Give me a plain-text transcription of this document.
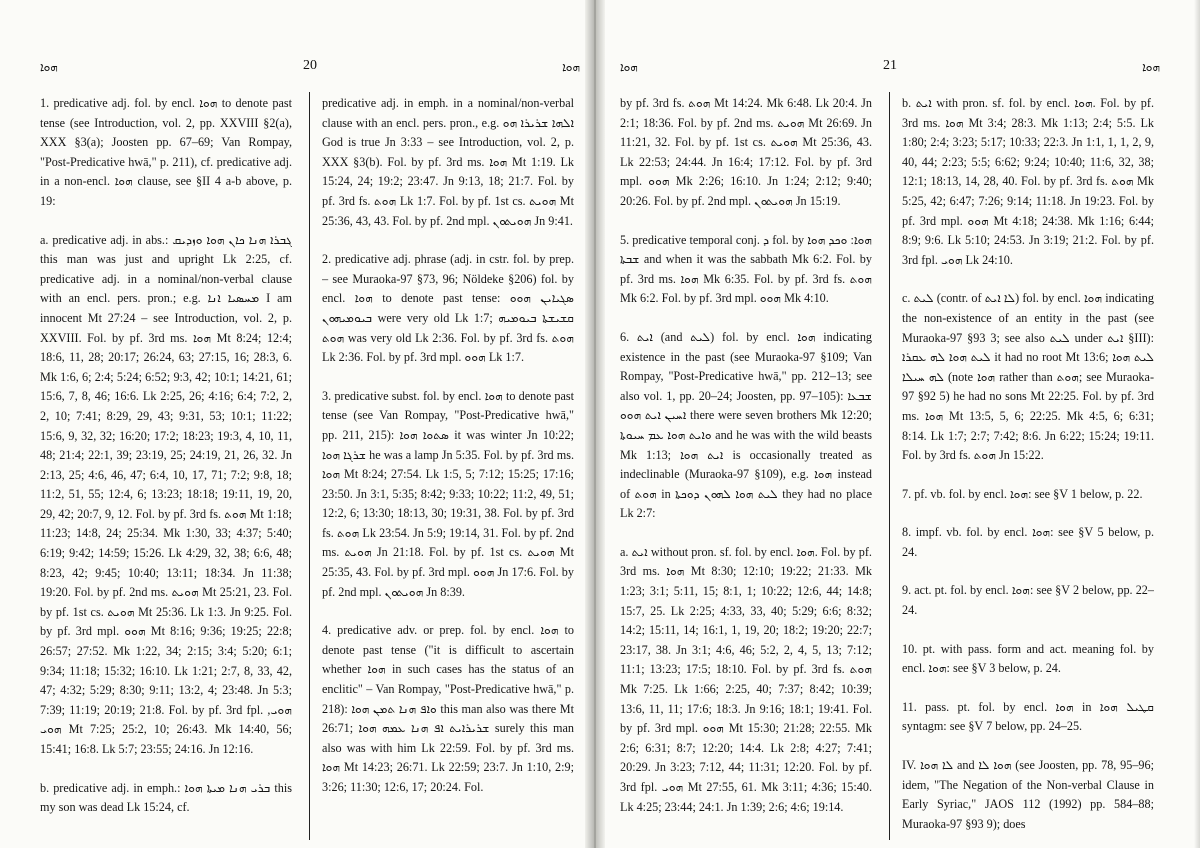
ܗܘܐ	20	ܗܘܐ

1. predicative adj. fol. by encl. ܗܘܐ to denote past tense (see Introduction, vol. 2, pp. XXVIII §2(a), XXX §3(a); Joosten pp. 67–69; Van Rompay, "Post-Predicative hwā," p. 211), cf. predicative adj. in a non-encl. ܗܘܐ clause, see §II 4 a-b above, p. 19:

a. predicative adj. in abs.: ܓܒܪܐ ܗܢܐ ܟܐܢ ܗܘܐ ܘܙܕܝܩ this man was just and upright Lk 2:25, cf. predicative adj. in a nominal/non-verbal clause with an encl. pers. pron.; e.g. ܡܚܣܝܐ ܐܢܐ I am innocent Mt 27:24 – see Introduction, vol. 2, p. XXVIII. Fol. by pf. 3rd ms. ܗܘܐ Mt 8:24; 12:4; 18:6, 11, 28; 20:17; 26:24, 63; 27:15, 16; 28:3, 6. Mk 1:6, 6; 2:4; 5:24; 6:52; 9:3, 42; 10:1; 14:21, 61; 15:6, 7, 8, 46; 16:6. Lk 2:25, 26; 4:16; 6:4; 7:2, 2, 2, 10; 7:41; 8:29, 29, 43; 9:31, 53; 10:1; 11:22; 15:6, 9, 32, 32; 16:20; 17:2; 18:23; 19:3, 4, 10, 11, 48; 21:4; 22:1, 39; 23:19, 25; 24:19, 21, 26, 32. Jn 2:13, 25; 4:6, 46, 47; 6:4, 10, 17, 71; 7:2; 9:8, 18; 11:2, 51, 55; 12:4, 6; 13:23; 18:18; 19:11, 19, 20, 29, 42; 20:7, 9, 12. Fol. by pf. 3rd fs. ܗܘܬ Mt 1:18; 11:23; 14:8, 24; 25:34. Mk 1:30, 33; 4:37; 5:40; 6:19; 9:42; 14:59; 15:26. Lk 4:29, 32, 38; 6:6, 48; 8:23, 42; 9:45; 10:40; 13:11; 18:34. Jn 11:38; 19:20. Fol. by pf. 2nd ms. ܗܘܝܬ Mt 25:21, 23. Fol. by pf. 1st cs. ܗܘܝܬ Mt 25:36. Lk 1:3. Jn 9:25. Fol. by pf. 3rd mpl. ܗܘܘ Mt 8:16; 9:36; 19:25; 22:8; 26:57; 27:52. Mk 1:22, 34; 2:15; 3:4; 5:20; 6:1; 9:34; 11:18; 15:32; 16:10. Lk 1:21; 2:7, 8, 33, 42, 47; 4:32; 5:29; 8:30; 9:11; 13:2, 4; 23:48. Jn 5:3; 7:39; 11:19; 20:19; 21:8. Fol. by pf. 3rd fpl. ܗܘܝ, ܗܘܝ Mt 7:25; 25:2, 10; 26:43. Mk 14:40, 56; 15:41; 16:8. Lk 5:7; 23:55; 24:16. Jn 12:16.

b. predicative adj. in emph.: ܒܪܝ ܗܢܐ ܡܝܬܐ ܗܘܐ this my son was dead Lk 15:24, cf.

predicative adj. in emph. in a nominal/non-verbal clause with an encl. pers. pron., e.g. ܐܠܗܐ ܫܪܝܪܐ ܗܘ God is true Jn 3:33 – see Introduction, vol. 2, p. XXX §3(b). Fol. by pf. 3rd ms. ܗܘܐ Mt 1:19. Lk 15:24, 24; 19:2; 23:47. Jn 9:13, 18; 21:7. Fol. by pf. 3rd fs. ܗܘܬ Lk 1:7. Fol. by pf. 1st cs. ܗܘܝܬ Mt 25:36, 43, 43. Fol. by pf. 2nd mpl. ܗܘܝܬܘܢ Jn 9:41.

2. predicative adj. phrase (adj. in cstr. fol. by prep. – see Muraoka-97 §73, 96; Nöldeke §206) fol. by encl. ܗܘܐ to denote past tense: ܣܓܝܐܝܢ ܗܘܘ ܒܝܘܡܝܗܘܢ were very old Lk 1:7; ܩܫܝܫܬܐ ܒܝܘܡܝܗ ܗܘܬ was very old Lk 2:36. Fol. by pf. 3rd fs. ܗܘܬ Lk 2:36. Fol. by pf. 3rd mpl. ܗܘܘ Lk 1:7.

3. predicative subst. fol. by encl. ܗܘܐ to denote past tense (see Van Rompay, "Post-Predicative hwā," pp. 211, 215): ܣܬܘܐ ܗܘܐ it was winter Jn 10:22; ܫܪܓܐ ܗܘܐ he was a lamp Jn 5:35. Fol. by pf. 3rd ms. ܗܘܐ Mt 8:24; 27:54. Lk 1:5, 5; 7:12; 15:25; 17:16; 23:50. Jn 3:1, 5:35; 8:42; 9:33; 10:22; 11:2, 49, 51; 12:2, 6; 13:30; 18:13, 30; 19:31, 38. Fol. by pf. 3rd fs. ܗܘܬ Lk 23:54. Jn 5:9; 19:14, 31. Fol. by pf. 2nd ms. ܗܘܝܬ Jn 21:18. Fol. by pf. 1st cs. ܗܘܝܬ Mt 25:35, 43. Fol. by pf. 3rd mpl. ܗܘܘ Jn 17:6. Fol. by pf. 2nd mpl. ܗܘܝܬܘܢ Jn 8:39.

4. predicative adv. or prep. fol. by encl. ܗܘܐ to denote past tense ("it is difficult to ascertain whether ܗܘܐ in such cases has the status of an enclitic" – Van Rompay, "Post-Predicative hwā," p. 218): ܘܐܦ ܗܢܐ ܬܡܢ ܗܘܐ this man also was there Mt 26:71; ܫܪܝܪܐܝܬ ܐܦ ܗܢܐ ܥܡܗ ܗܘܐ surely this man also was with him Lk 22:59. Fol. by pf. 3rd ms. ܗܘܐ Mt 14:23; 26:71. Lk 22:59; 23:7. Jn 1:10, 2:9; 3:26; 11:30; 12:6, 17; 20:24. Fol.

ܗܘܐ	21	ܗܘܐ

by pf. 3rd fs. ܗܘܬ Mt 14:24. Mk 6:48. Lk 20:4. Jn 2:1; 18:36. Fol. by pf. 2nd ms. ܗܘܝܬ Mt 26:69. Jn 11:21, 32. Fol. by pf. 1st cs. ܗܘܝܬ Mt 25:36, 43. Lk 22:53; 24:44. Jn 16:4; 17:12. Fol. by pf. 3rd mpl. ܗܘܘ Mk 2:26; 16:10. Jn 1:24; 2:12; 9:40; 20:26. Fol. by pf. 2nd mpl. ܗܘܝܬܘܢ Jn 15:19.

5. predicative temporal conj. ܕ fol. by ܗܘܐ: ܘܟܕ ܗܘܐ ܫܒܬܐ and when it was the sabbath Mk 6:2. Fol. by pf. 3rd ms. ܗܘܐ Mk 6:35. Fol. by pf. 3rd fs. ܗܘܬ Mk 6:2. Fol. by pf. 3rd mpl. ܗܘܘ Mk 4:10.

6. ܐܝܬ (and ܠܝܬ) fol. by encl. ܗܘܐ indicating existence in the past (see Muraoka-97 §109; Van Rompay, "Post-Predicative hwā," pp. 212–13; see also vol. 1, pp. 20–24; Joosten, pp. 97–105): ܫܒܥܐ ܐܚܝܢ ܐܝܬ ܗܘܘ there were seven brothers Mk 12:20; ܘܐܝܬ ܗܘܐ ܥܡ ܚܝܘܬܐ and he was with the wild beasts Mk 1:13; ܐܝܬ ܗܘܐ is occasionally treated as indeclinable (Muraoka-97 §109), e.g. ܗܘܐ instead of ܗܘܬ in ܠܝܬ ܗܘܐ ܠܗܘܢ ܕܘܟܬܐ they had no place Lk 2:7:

a. ܐܝܬ without pron. sf. fol. by encl. ܗܘܐ. Fol. by pf. 3rd ms. ܗܘܐ Mt 8:30; 12:10; 19:22; 21:33. Mk 1:23; 3:1; 5:11, 15; 8:1, 1; 10:22; 12:6, 44; 14:8; 15:7, 25. Lk 2:25; 4:33, 33, 40; 5:29; 6:6; 8:32; 14:2; 15:11, 14; 16:1, 1, 19, 20; 18:2; 19:20; 22:7; 23:17, 38. Jn 3:1; 4:6, 46; 5:2, 2, 4, 5, 13; 7:12; 11:1; 13:23; 17:5; 18:10. Fol. by pf. 3rd fs. ܗܘܬ Mk 7:25. Lk 1:66; 2:25, 40; 7:37; 8:42; 10:39; 13:6, 11, 11; 17:6; 18:3. Jn 9:16; 18:1; 19:41. Fol. by pf. 3rd mpl. ܗܘܘ Mt 15:30; 21:28; 22:55. Mk 2:6; 6:31; 8:7; 12:20; 14:4. Lk 2:8; 4:27; 7:41; 20:29. Jn 3:23; 7:12, 44; 11:31; 12:20. Fol. by pf. 3rd fpl. ܗܘܝ Mt 27:55, 61. Mk 3:11; 4:36; 15:40. Lk 4:25; 23:44; 24:1. Jn 1:39; 2:6; 4:6; 19:14.

b. ܐܝܬ with pron. sf. fol. by encl. ܗܘܐ. Fol. by pf. 3rd ms. ܗܘܐ Mt 3:4; 28:3. Mk 1:13; 2:4; 5:5. Lk 1:80; 2:4; 3:23; 5:17; 10:33; 22:3. Jn 1:1, 1, 1, 2, 9, 40, 44; 2:23; 5:5; 6:62; 9:24; 10:40; 11:6, 32, 38; 12:1; 18:13, 14, 28, 40. Fol. by pf. 3rd fs. ܗܘܬ Mk 5:25, 42; 6:47; 7:26; 9:14; 11:18. Jn 19:23. Fol. by pf. 3rd mpl. ܗܘܘ Mt 4:18; 24:38. Mk 1:16; 6:44; 8:9; 9:6. Lk 5:10; 24:53. Jn 3:19; 21:2. Fol. by pf. 3rd fpl. ܗܘܝ Lk 24:10.

c. ܠܝܬ (contr. of ܠܐ ܐܝܬ) fol. by encl. ܗܘܐ indicating the non-existence of an entity in the past (see Muraoka-97 §93 3; see also ܠܝܬ under ܐܝܬ §III): ܠܝܬ ܗܘܐ ܠܗ ܥܩܪܐ it had no root Mt 13:6; ܠܝܬ ܗܘܐ ܠܗ ܚܝܠܐ (note ܗܘܐ rather than ܗܘܬ; see Muraoka-97 §92 5) he had no sons Mt 22:25. Fol. by pf. 3rd ms. ܗܘܐ Mt 13:5, 5, 6; 22:25. Mk 4:5, 6; 6:31; 8:14. Lk 1:7; 2:7; 7:42; 8:6. Jn 6:22; 15:24; 19:11. Fol. by 3rd fs. ܗܘܬ Jn 15:22.

7. pf. vb. fol. by encl. ܗܘܐ: see §V 1 below, p. 22.

8. impf. vb. fol. by encl. ܗܘܐ: see §V 5 below, p. 24.

9. act. pt. fol. by encl. ܗܘܐ: see §V 2 below, pp. 22–24.

10. pt. with pass. form and act. meaning fol. by encl. ܗܘܐ: see §V 3 below, p. 24.

11. pass. pt. fol. by encl. ܗܘܐ in ܩܛܝܠ ܗܘܐ syntagm: see §V 7 below, pp. 24–25.

IV. ܠܐ ܗܘܐ and ܗܘܐ ܠܐ (see Joosten, pp. 78, 95–96; idem, "The Negation of the Non-verbal Clause in Early Syriac," JAOS 112 (1992) pp. 584–88; Muraoka-97 §93 9); does
